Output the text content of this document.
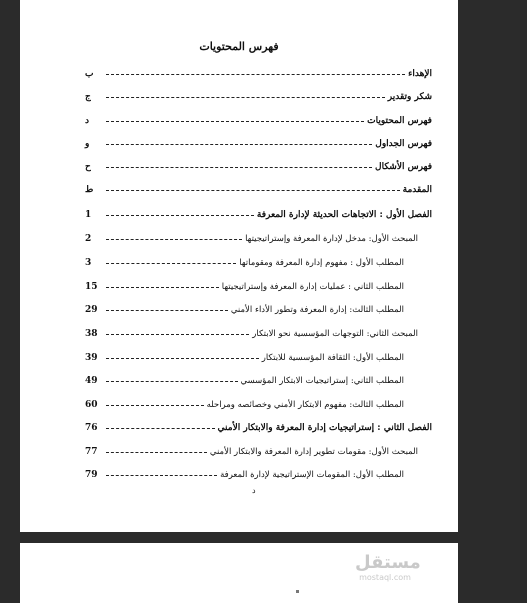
فهرس المحتويات
الإهداء
ب
شكر وتقدير
ج
فهرس المحتويات
د
فهرس الجداول
و
فهرس الأشكال
ح
المقدمة
ط
الفصل الأول : الاتجاهات الحديثة لإدارة المعرفة
1
المبحث الأول: مدخل لإدارة المعرفة وإستراتيجيتها
2
المطلب الأول : مفهوم إدارة المعرفة ومقوماتها
3
المطلب الثاني : عمليات إدارة المعرفة وإستراتيجيتها
15
المطلب الثالث: إدارة المعرفة وتطور الأداء الأمني
29
المبحث الثاني: التوجهات المؤسسية نحو الابتكار
38
المطلب الأول: الثقافة المؤسسية للابتكار
39
المطلب الثاني: إستراتيجيات الابتكار المؤسسي
49
المطلب الثالث: مفهوم الابتكار الأمني وخصائصه ومراحله
60
الفصل الثاني : إستراتيجيات إدارة المعرفة والابتكار الأمني
76
المبحث الأول: مقومات تطوير إدارة المعرفة والابتكار الأمني
77
المطلب الأول: المقومات الإستراتيجية لإدارة المعرفة
79
د
مستقل
mostaql.com
